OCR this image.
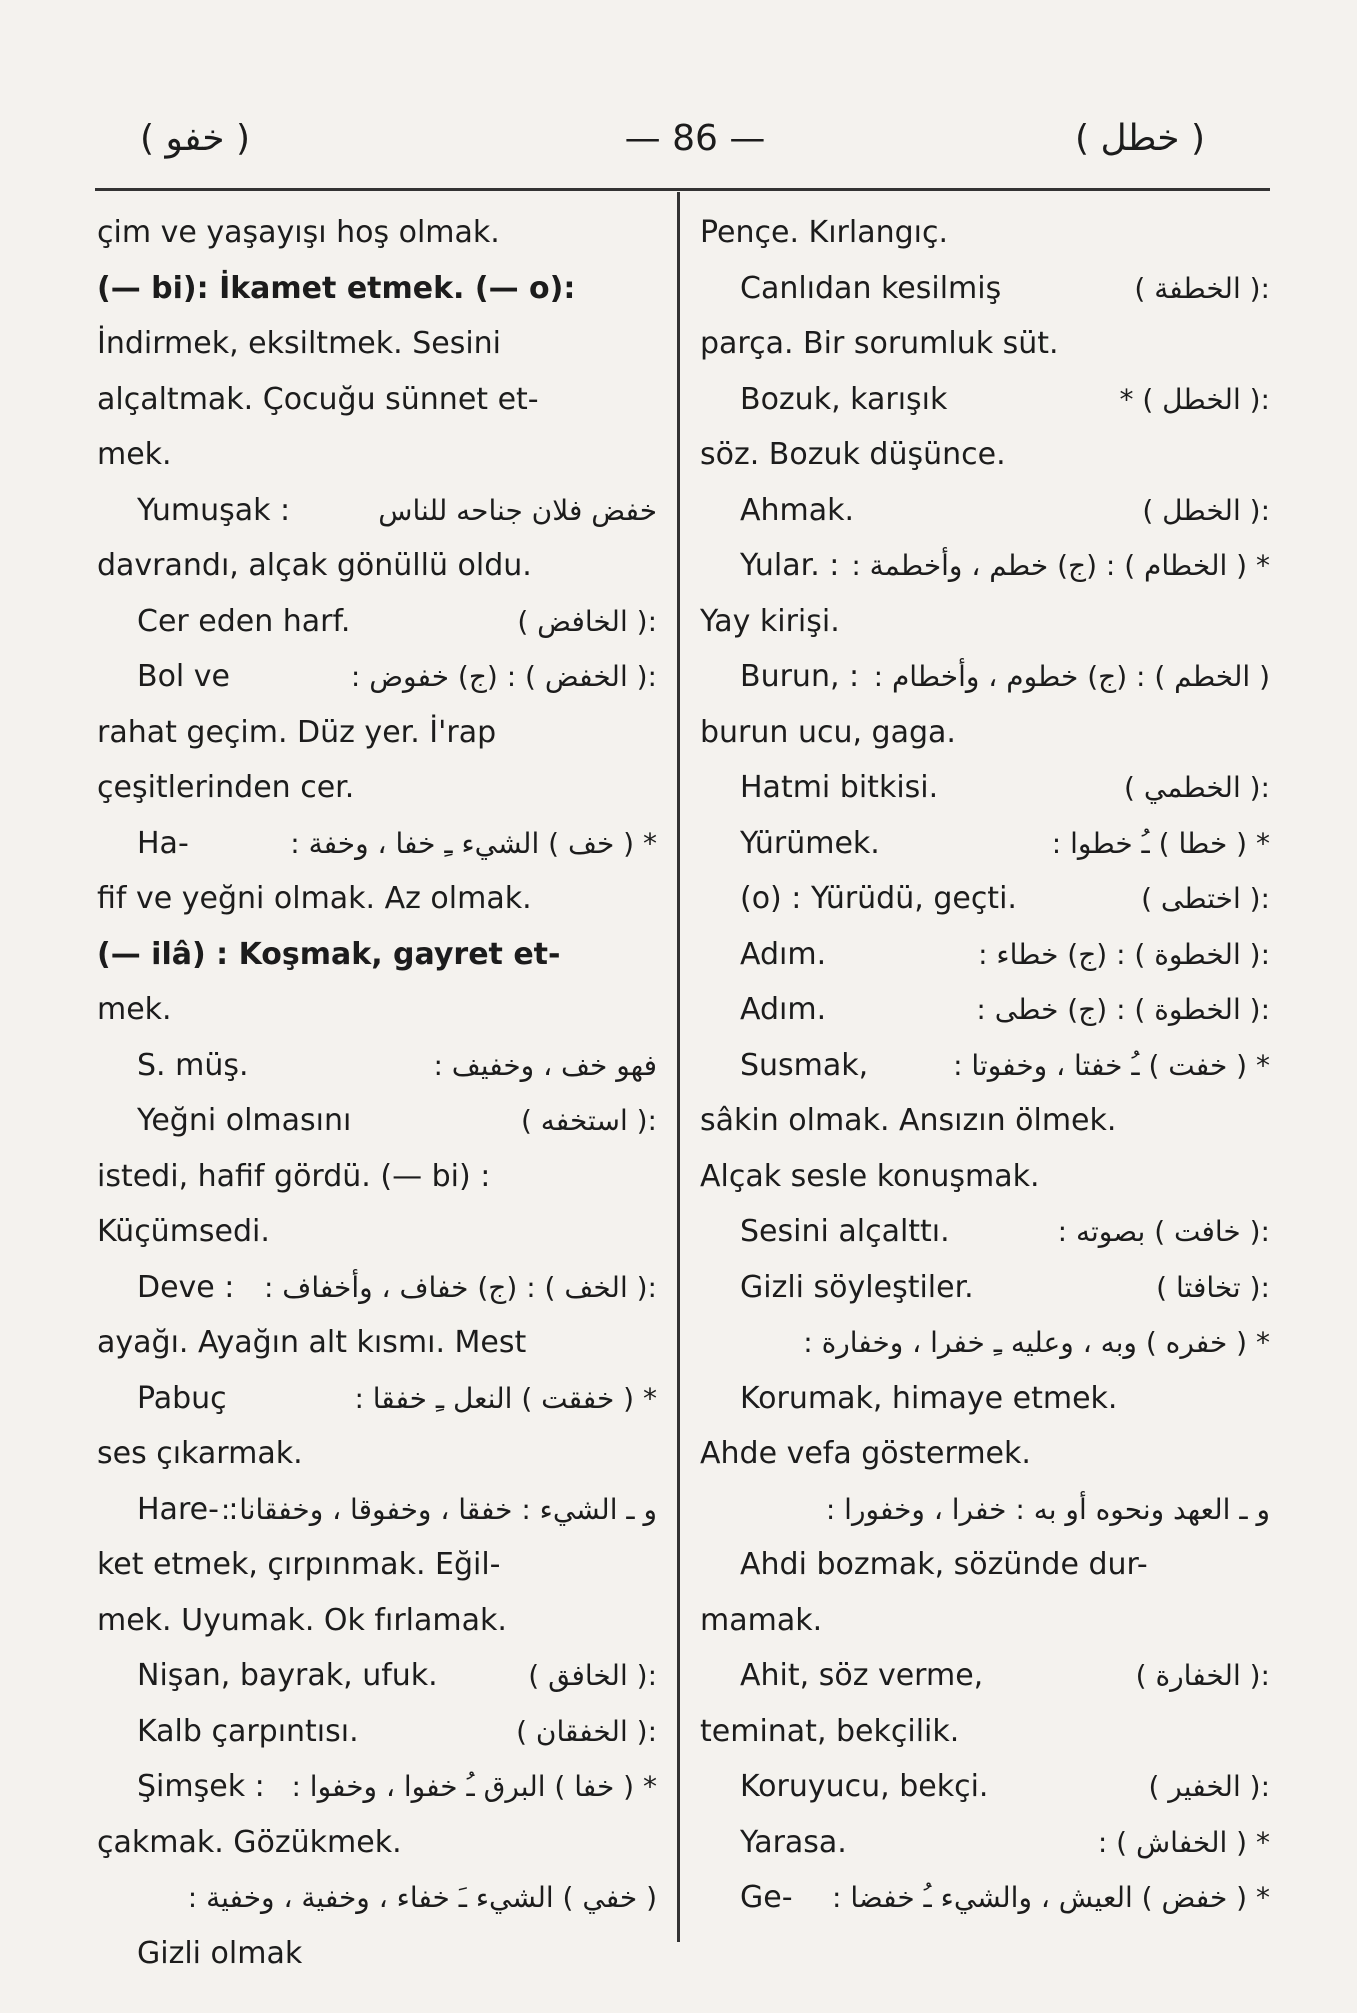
( خفو )	— 86 —	( خطل )
çim ve yaşayışı hoş olmak.
(— bi): İkamet etmek. (— o):
İndirmek, eksiltmek. Sesini
alçaltmak. Çocuğu sünnet et-
mek.
Yumuşak :	خفض فلان جناحه للناس
davrandı, alçak gönüllü oldu.
Cer eden harf.	:( الخافض )
Bol ve	:( الخفض ) : (ج) خفوض :
rahat geçim. Düz yer. İ'rap
çeşitlerinden cer.
Ha-	* ( خف ) الشيء ـِ خفا ، وخفة :
fif ve yeğni olmak. Az olmak.
(— ilâ) : Koşmak, gayret et-
mek.
S. müş.	فهو خف ، وخفيف :
Yeğni olmasını	:( استخفه )
istedi, hafif gördü. (— bi) :
Küçümsedi.
Deve : :( الخف ) : (ج) خفاف ، وأخفاف :
ayağı. Ayağın alt kısmı. Mest
Pabuç	* ( خفقت ) النعل ـِ خفقا :
ses çıkarmak.
Hare- :
و ـ الشيء : خفقا ، وخفوقا ، وخفقانا :
ket etmek, çırpınmak. Eğil-
mek. Uyumak. Ok fırlamak.
Nişan, bayrak, ufuk.	:( الخافق )
Kalb çarpıntısı.	:( الخفقان )
Şimşek : * ( خفا ) البرق ـُ خفوا ، وخفوا :
çakmak. Gözükmek.
( خفي ) الشيء ـَ خفاء ، وخفية ، وخفية :
Gizli olmak
Pençe. Kırlangıç.
Canlıdan kesilmiş	:( الخطفة )
parça. Bir sorumluk süt.
Bozuk, karışık	:( الخطل ) *
söz. Bozuk düşünce.
Ahmak.	:( الخطل )
Yular. : * ( الخطام ) : (ج) خطم ، وأخطمة :
Yay kirişi.
Burun, : ( الخطم ) : (ج) خطوم ، وأخطام :
burun ucu, gaga.
Hatmi bitkisi.	:( الخطمي )
Yürümek.	* ( خطا ) ـُ خطوا :
(o) : Yürüdü, geçti.	:( اختطى )
Adım.	:( الخطوة ) : (ج) خطاء :
Adım.	:( الخطوة ) : (ج) خطى :
Susmak,	* ( خفت ) ـُ خفتا ، وخفوتا :
sâkin olmak. Ansızın ölmek.
Alçak sesle konuşmak.
Sesini alçalttı.	:( خافت ) بصوته :
Gizli söyleştiler.	:( تخافتا )
* ( خفره ) وبه ، وعليه ـِ خفرا ، وخفارة :
Korumak, himaye etmek.
Ahde vefa göstermek.
و ـ العهد ونحوه أو به : خفرا ، وخفورا :
Ahdi bozmak, sözünde dur-
mamak.
Ahit, söz verme,	:( الخفارة )
teminat, bekçilik.
Koruyucu, bekçi.	:( الخفير )
Yarasa.	* ( الخفاش ) :
Ge- * ( خفض ) العيش ، والشيء ـُ خفضا :
